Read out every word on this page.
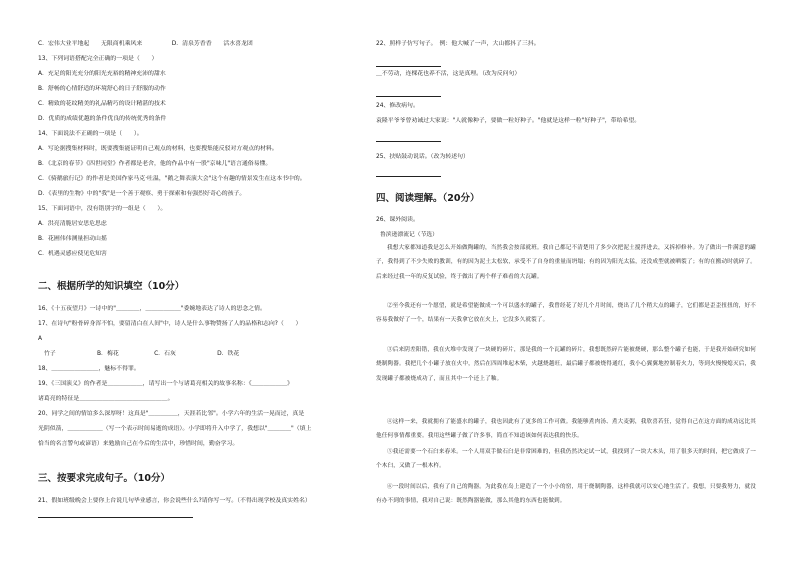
C．宏伟大业平地起　　无限商机乘风来　　　　　D．清泉芳香香　　活水喜龙团
13、下列词语搭配完全正确的一项是（　　）
A．充足的阳光充分的阳光充裕的精神充沛的甜水
B．舒畅的心情舒适的环境舒心的日子舒服的动作
C．精致的花纹精美的礼品精巧的设计精湛的技术
D．优质的成绩优越的条件优良的传统优秀的条件
14、下面说法不正确的一项是（　　）。
A．写论据搜集材料时，既要搜集能证明自己观点的材料，也要搜集能反驳对方观点的材料。
B．《北京的春节》《四世同堂》作者都是老舍，他的作品中有一股"京味儿"语言通俗易懂。
C．《骑鹅旅行记》的作者是美国作家马克·吐温，"鹅之舞表演大会"这个有趣的情景发生在这本书中的。
D．《表里的生物》中的"我"是一个善于观察、勇于探索和有强烈好奇心的孩子。
15、下面词语中，没有错别字的一组是（　　）。
A．洪亮清脆居安思危思虑
B．花圃伟伟测量担动山摇
C．机遇灵感应使见危知害
二、根据所学的知识填空（10分）
16、《十五夜望月》一诗中的"＿＿＿＿，＿＿＿＿＿＿"委婉地表达了诗人的思念之情。
17、在诗句"粉骨碎身浑不怕，要留清白在人间"中，诗人是什么事物赞扬了人的品格和志向?（　　）
A
竹子　　　　　　　B．梅花　　　　　　C．石灰　　　　　　　D．铁花
18、＿＿＿＿＿＿＿＿，魅标不得罪。
19、《三国演义》的作者是＿＿＿＿＿＿，请写出一个与诸葛亮相关的故事名称：《＿＿＿＿＿＿》
诸葛亮的特征是＿＿＿＿＿＿＿＿＿＿＿＿＿＿＿。
20、同学之间的情谊多么深厚呀！这真是"＿＿＿＿＿，天涯若比邻"。小学六年的生活一晃而过，真是
光阴似箭，＿＿＿＿＿＿（写一个表示时间易逝的成语）。小学即将升入中学了，我想以"＿＿＿＿"（填上
恰当的名言警句或谚语）来勉励自己在今后的生活中，珍惜时间，勤奋学习。
三、按要求完成句子。（10分）
21、假如班级晚会上要你上台说几句毕业感言，你会说些什么?请你写一写。（不得出现学校及真实姓名）
22、照样子仿写句子。　例：他大喊了一声，大山都抖了三抖。
＿不劳动，连棵花也养不活，这是真理。（改为反问句）
24、修改病句。
袁隆平爷爷曾劝诫过大家说："人就像种子，要做一粒好种子。"他就是这样一粒"好种子"，带给希望。
25、扶贴鼓动说话。（改为转述句）
四、阅读理解。（20分）
26、课外阅读。
鲁滨逊漂流记（节选）
我想大家都知道我是怎么开始做陶罐的，当然我会按部就班。我自己都记不清楚用了多少次把泥土搅拌进去，又拆掉修补。为了做出一件满意的罐子，我得到了不少失败的教训，有的因为泥土太松软，承受不了自身的重量而坍塌；有的因为阳光太猛，还没成型就被晒裂了；有的在搬动时就碎了。后来经过我一年的反复试验，终于做出了两个样子难看的大瓦罐。
②至今我还有一个愿望，就是希望能做成一个可以盛水的罐子，我曾经花了好几个月时间，烧出了几个稍大点的罐子，它们都是歪歪扭扭的，好不容易我做好了一个，结果有一天我拿它放在火上，它没多久就裂了。
③后来阴差阳错，我在火堆中发现了一块硬的碎片，那是我的一个瓦罐的碎片，我想既然碎片能被烧硬，那么整个罐子也能，于是我开始研究如何烧制陶器。我把几个小罐子放在火中，然后在四周堆起木柴，火越烧越旺，最后罐子都被烧得通红，我小心翼翼地控制着火力，等到火慢慢熄灭后，我发现罐子都被烧成功了，而且其中一个还上了釉。
④这样一来，我就拥有了能盛水的罐子，我也因此有了更多的工作可做。我能够煮肉汤、煮大麦粥，我欣喜若狂，觉得自己在这方面的成功远比其他任何事情都重要。我用这些罐子做了许多事，简直不知道该如何表达我的快乐。
⑤我还需要一个石臼来舂米。一个人用双手做石臼是非常困难的，但我仍然决定试一试，我找到了一块大木头，用了很多天的时间，把它做成了一个木臼，又做了一根木杵。
⑥一段时间以后，我有了自己的陶器。为此我在岛上建造了一个小小的窑，用于烧制陶器，这样我就可以安心地生活了。我想，只要我努力，就没有办不到的事情，我对自己说：既然陶器能做，那么其他的东西也能做到。
